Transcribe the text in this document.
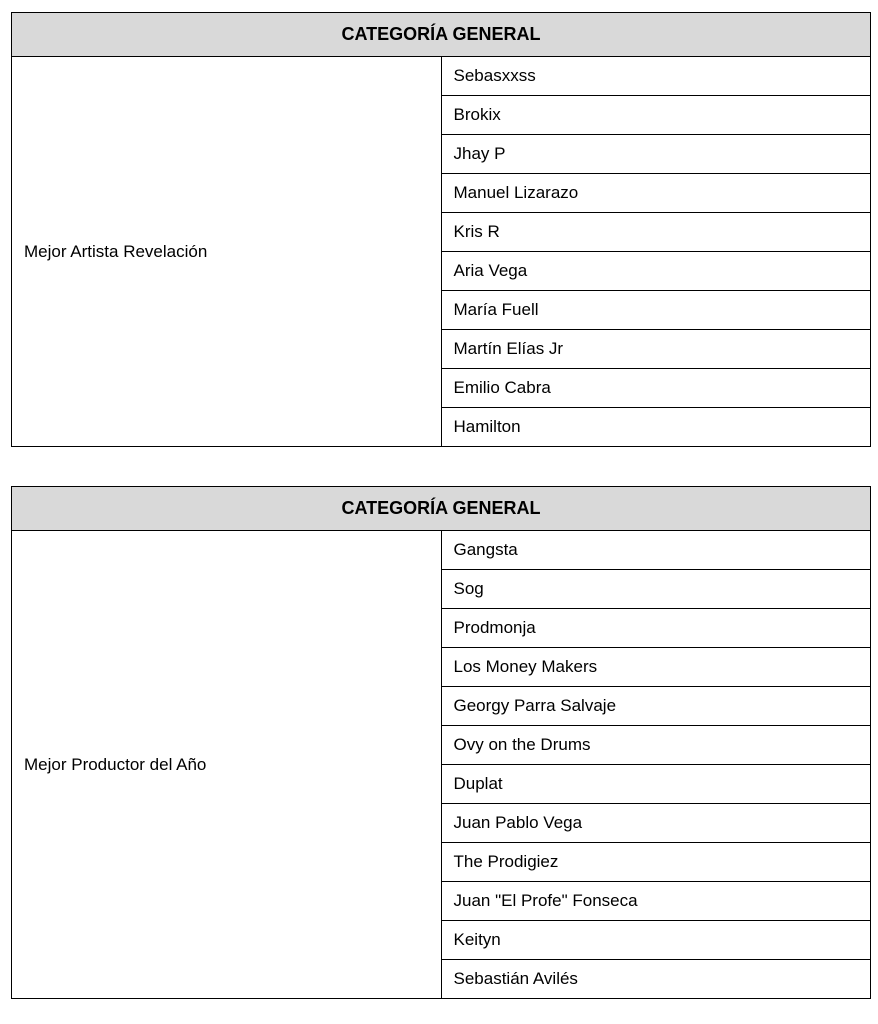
CATEGORÍA GENERAL
Mejor Artista Revelación	Sebasxxss
Brokix
Jhay P
Manuel Lizarazo
Kris R
Aria Vega
María Fuell
Martín Elías Jr
Emilio Cabra
Hamilton
CATEGORÍA GENERAL
Mejor Productor del Año	Gangsta
Sog
Prodmonja
Los Money Makers
Georgy Parra Salvaje
Ovy on the Drums
Duplat
Juan Pablo Vega
The Prodigiez
Juan "El Profe" Fonseca
Keityn
Sebastián Avilés
